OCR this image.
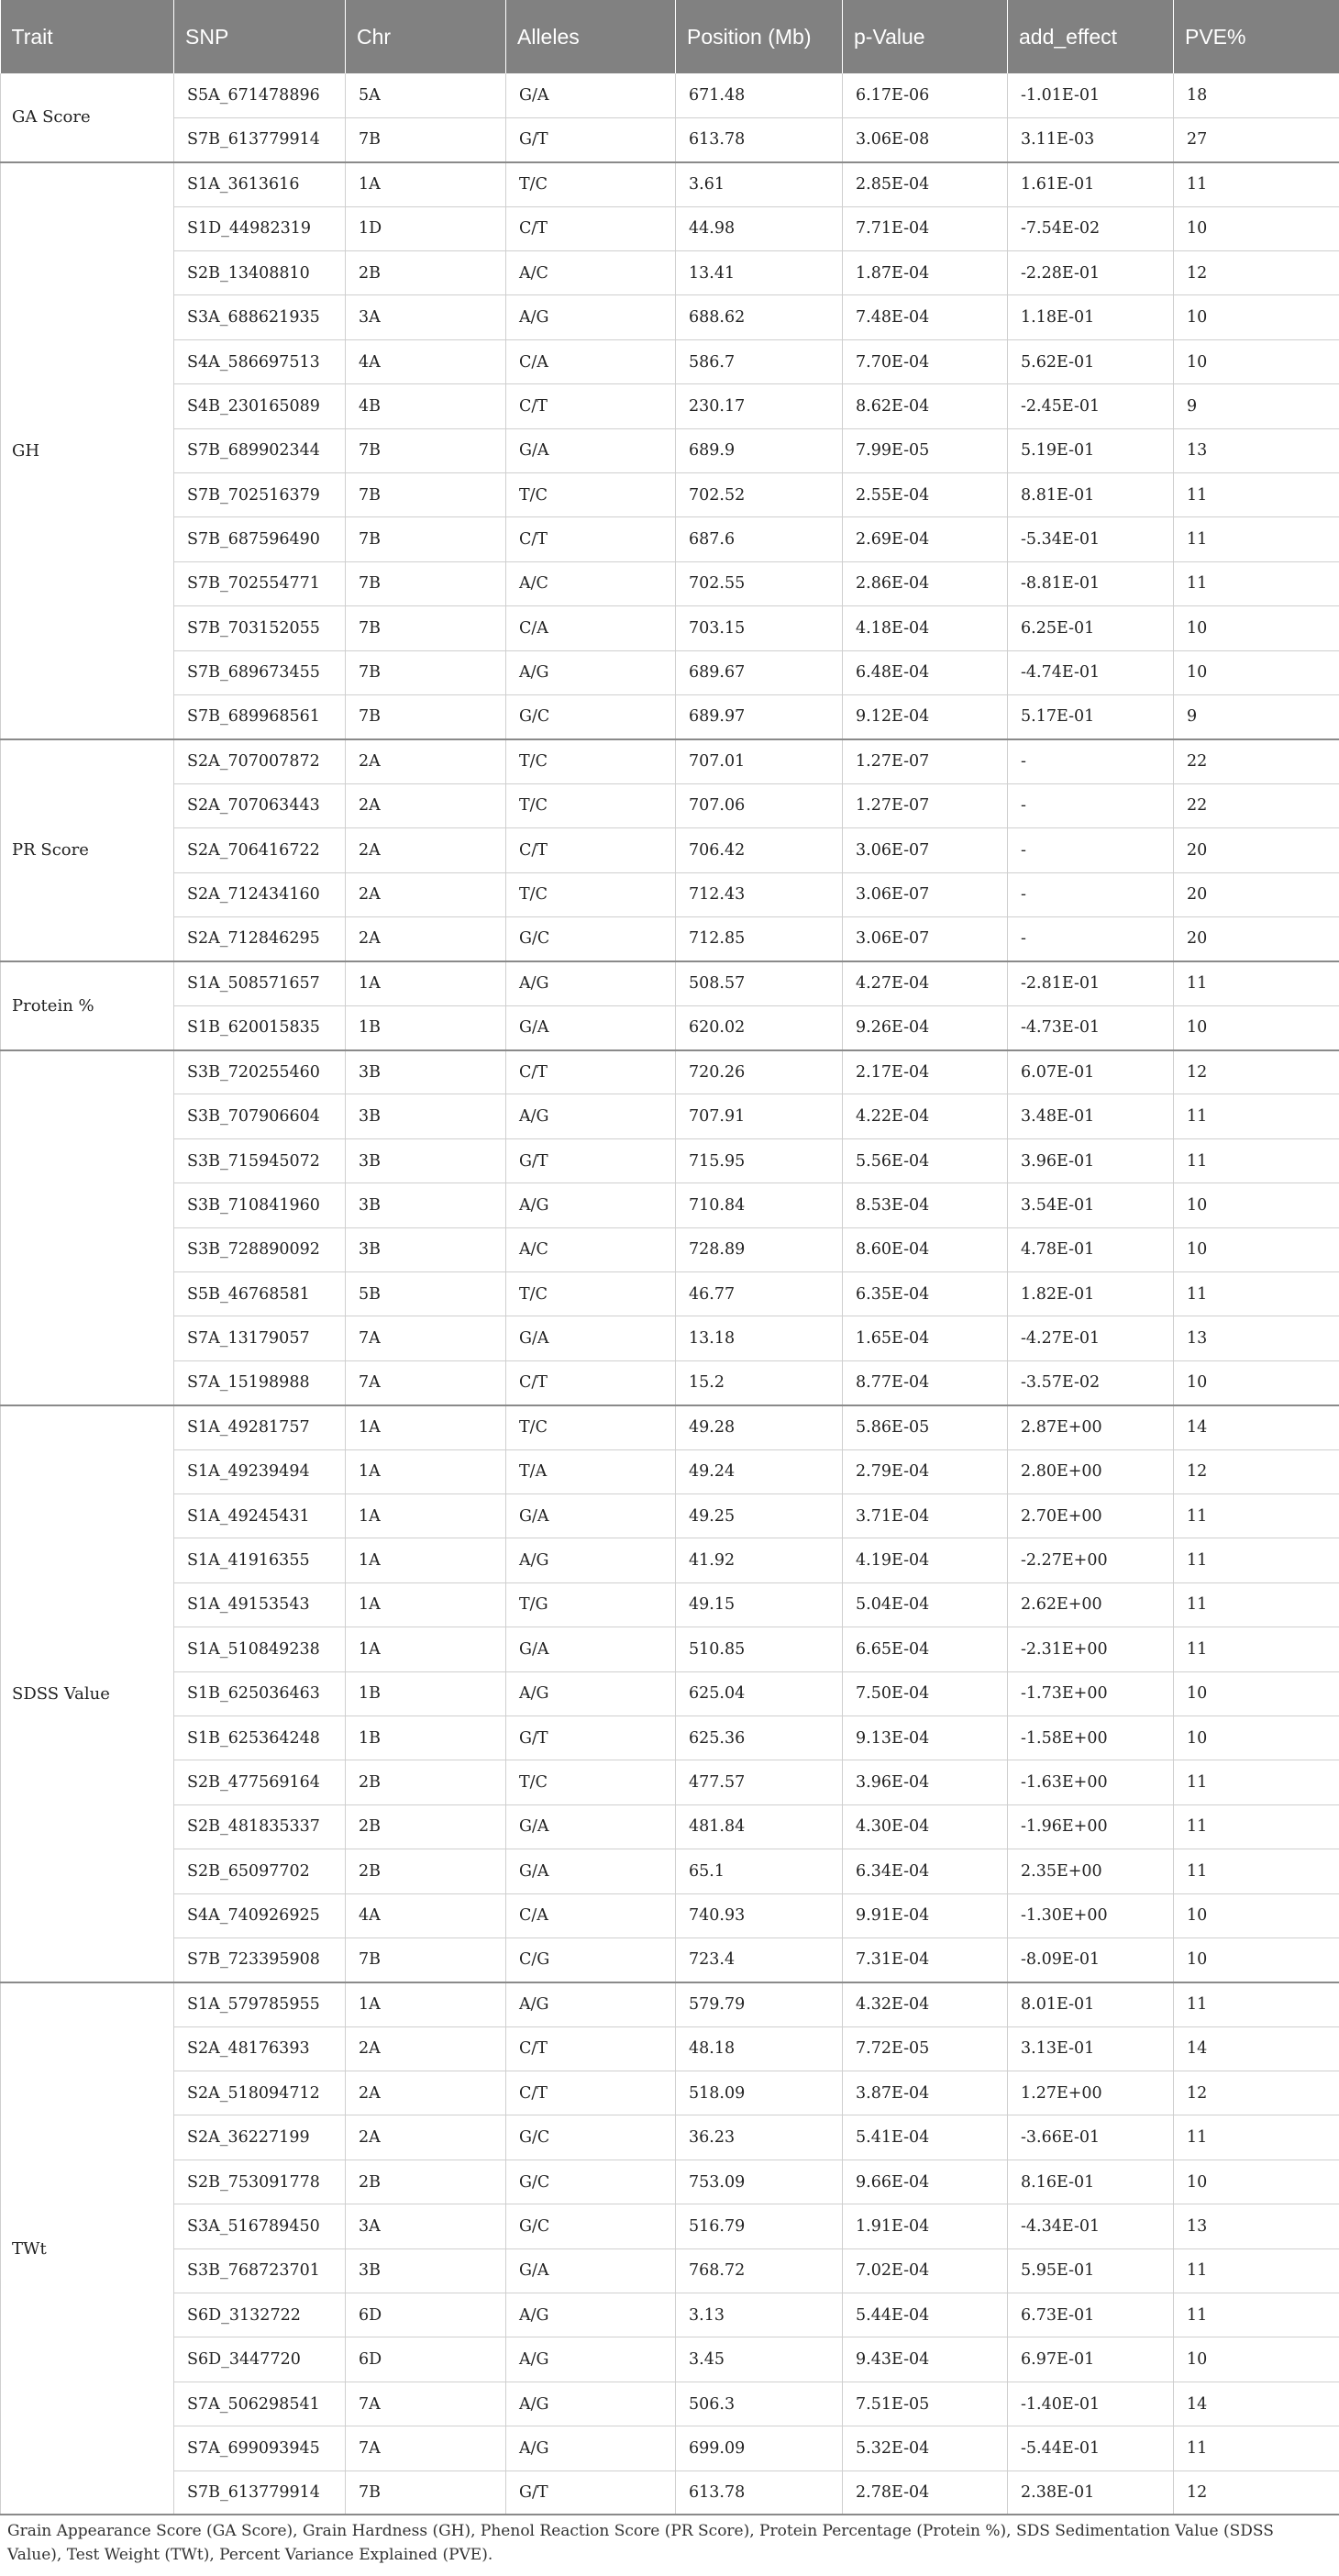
Trait	SNP	Chr	Alleles	Position (Mb)	p-Value	add_effect	PVE%
GA Score	S5A_671478896	5A	G/A	671.48	6.17E-06	-1.01E-01	18
	S7B_613779914	7B	G/T	613.78	3.06E-08	3.11E-03	27
GH	S1A_3613616	1A	T/C	3.61	2.85E-04	1.61E-01	11
	S1D_44982319	1D	C/T	44.98	7.71E-04	-7.54E-02	10
	S2B_13408810	2B	A/C	13.41	1.87E-04	-2.28E-01	12
	S3A_688621935	3A	A/G	688.62	7.48E-04	1.18E-01	10
	S4A_586697513	4A	C/A	586.7	7.70E-04	5.62E-01	10
	S4B_230165089	4B	C/T	230.17	8.62E-04	-2.45E-01	9
	S7B_689902344	7B	G/A	689.9	7.99E-05	5.19E-01	13
	S7B_702516379	7B	T/C	702.52	2.55E-04	8.81E-01	11
	S7B_687596490	7B	C/T	687.6	2.69E-04	-5.34E-01	11
	S7B_702554771	7B	A/C	702.55	2.86E-04	-8.81E-01	11
	S7B_703152055	7B	C/A	703.15	4.18E-04	6.25E-01	10
	S7B_689673455	7B	A/G	689.67	6.48E-04	-4.74E-01	10
	S7B_689968561	7B	G/C	689.97	9.12E-04	5.17E-01	9
PR Score	S2A_707007872	2A	T/C	707.01	1.27E-07	-	22
	S2A_707063443	2A	T/C	707.06	1.27E-07	-	22
	S2A_706416722	2A	C/T	706.42	3.06E-07	-	20
	S2A_712434160	2A	T/C	712.43	3.06E-07	-	20
	S2A_712846295	2A	G/C	712.85	3.06E-07	-	20
Protein %	S1A_508571657	1A	A/G	508.57	4.27E-04	-2.81E-01	11
	S1B_620015835	1B	G/A	620.02	9.26E-04	-4.73E-01	10
	S3B_720255460	3B	C/T	720.26	2.17E-04	6.07E-01	12
	S3B_707906604	3B	A/G	707.91	4.22E-04	3.48E-01	11
	S3B_715945072	3B	G/T	715.95	5.56E-04	3.96E-01	11
	S3B_710841960	3B	A/G	710.84	8.53E-04	3.54E-01	10
	S3B_728890092	3B	A/C	728.89	8.60E-04	4.78E-01	10
	S5B_46768581	5B	T/C	46.77	6.35E-04	1.82E-01	11
	S7A_13179057	7A	G/A	13.18	1.65E-04	-4.27E-01	13
	S7A_15198988	7A	C/T	15.2	8.77E-04	-3.57E-02	10
SDSS Value	S1A_49281757	1A	T/C	49.28	5.86E-05	2.87E+00	14
	S1A_49239494	1A	T/A	49.24	2.79E-04	2.80E+00	12
	S1A_49245431	1A	G/A	49.25	3.71E-04	2.70E+00	11
	S1A_41916355	1A	A/G	41.92	4.19E-04	-2.27E+00	11
	S1A_49153543	1A	T/G	49.15	5.04E-04	2.62E+00	11
	S1A_510849238	1A	G/A	510.85	6.65E-04	-2.31E+00	11
	S1B_625036463	1B	A/G	625.04	7.50E-04	-1.73E+00	10
	S1B_625364248	1B	G/T	625.36	9.13E-04	-1.58E+00	10
	S2B_477569164	2B	T/C	477.57	3.96E-04	-1.63E+00	11
	S2B_481835337	2B	G/A	481.84	4.30E-04	-1.96E+00	11
	S2B_65097702	2B	G/A	65.1	6.34E-04	2.35E+00	11
	S4A_740926925	4A	C/A	740.93	9.91E-04	-1.30E+00	10
	S7B_723395908	7B	C/G	723.4	7.31E-04	-8.09E-01	10
TWt	S1A_579785955	1A	A/G	579.79	4.32E-04	8.01E-01	11
	S2A_48176393	2A	C/T	48.18	7.72E-05	3.13E-01	14
	S2A_518094712	2A	C/T	518.09	3.87E-04	1.27E+00	12
	S2A_36227199	2A	G/C	36.23	5.41E-04	-3.66E-01	11
	S2B_753091778	2B	G/C	753.09	9.66E-04	8.16E-01	10
	S3A_516789450	3A	G/C	516.79	1.91E-04	-4.34E-01	13
	S3B_768723701	3B	G/A	768.72	7.02E-04	5.95E-01	11
	S6D_3132722	6D	A/G	3.13	5.44E-04	6.73E-01	11
	S6D_3447720	6D	A/G	3.45	9.43E-04	6.97E-01	10
	S7A_506298541	7A	A/G	506.3	7.51E-05	-1.40E-01	14
	S7A_699093945	7A	A/G	699.09	5.32E-04	-5.44E-01	11
	S7B_613779914	7B	G/T	613.78	2.78E-04	2.38E-01	12
Grain Appearance Score (GA Score), Grain Hardness (GH), Phenol Reaction Score (PR Score), Protein Percentage (Protein %), SDS Sedimentation Value (SDSS Value), Test Weight (TWt), Percent Variance Explained (PVE).
